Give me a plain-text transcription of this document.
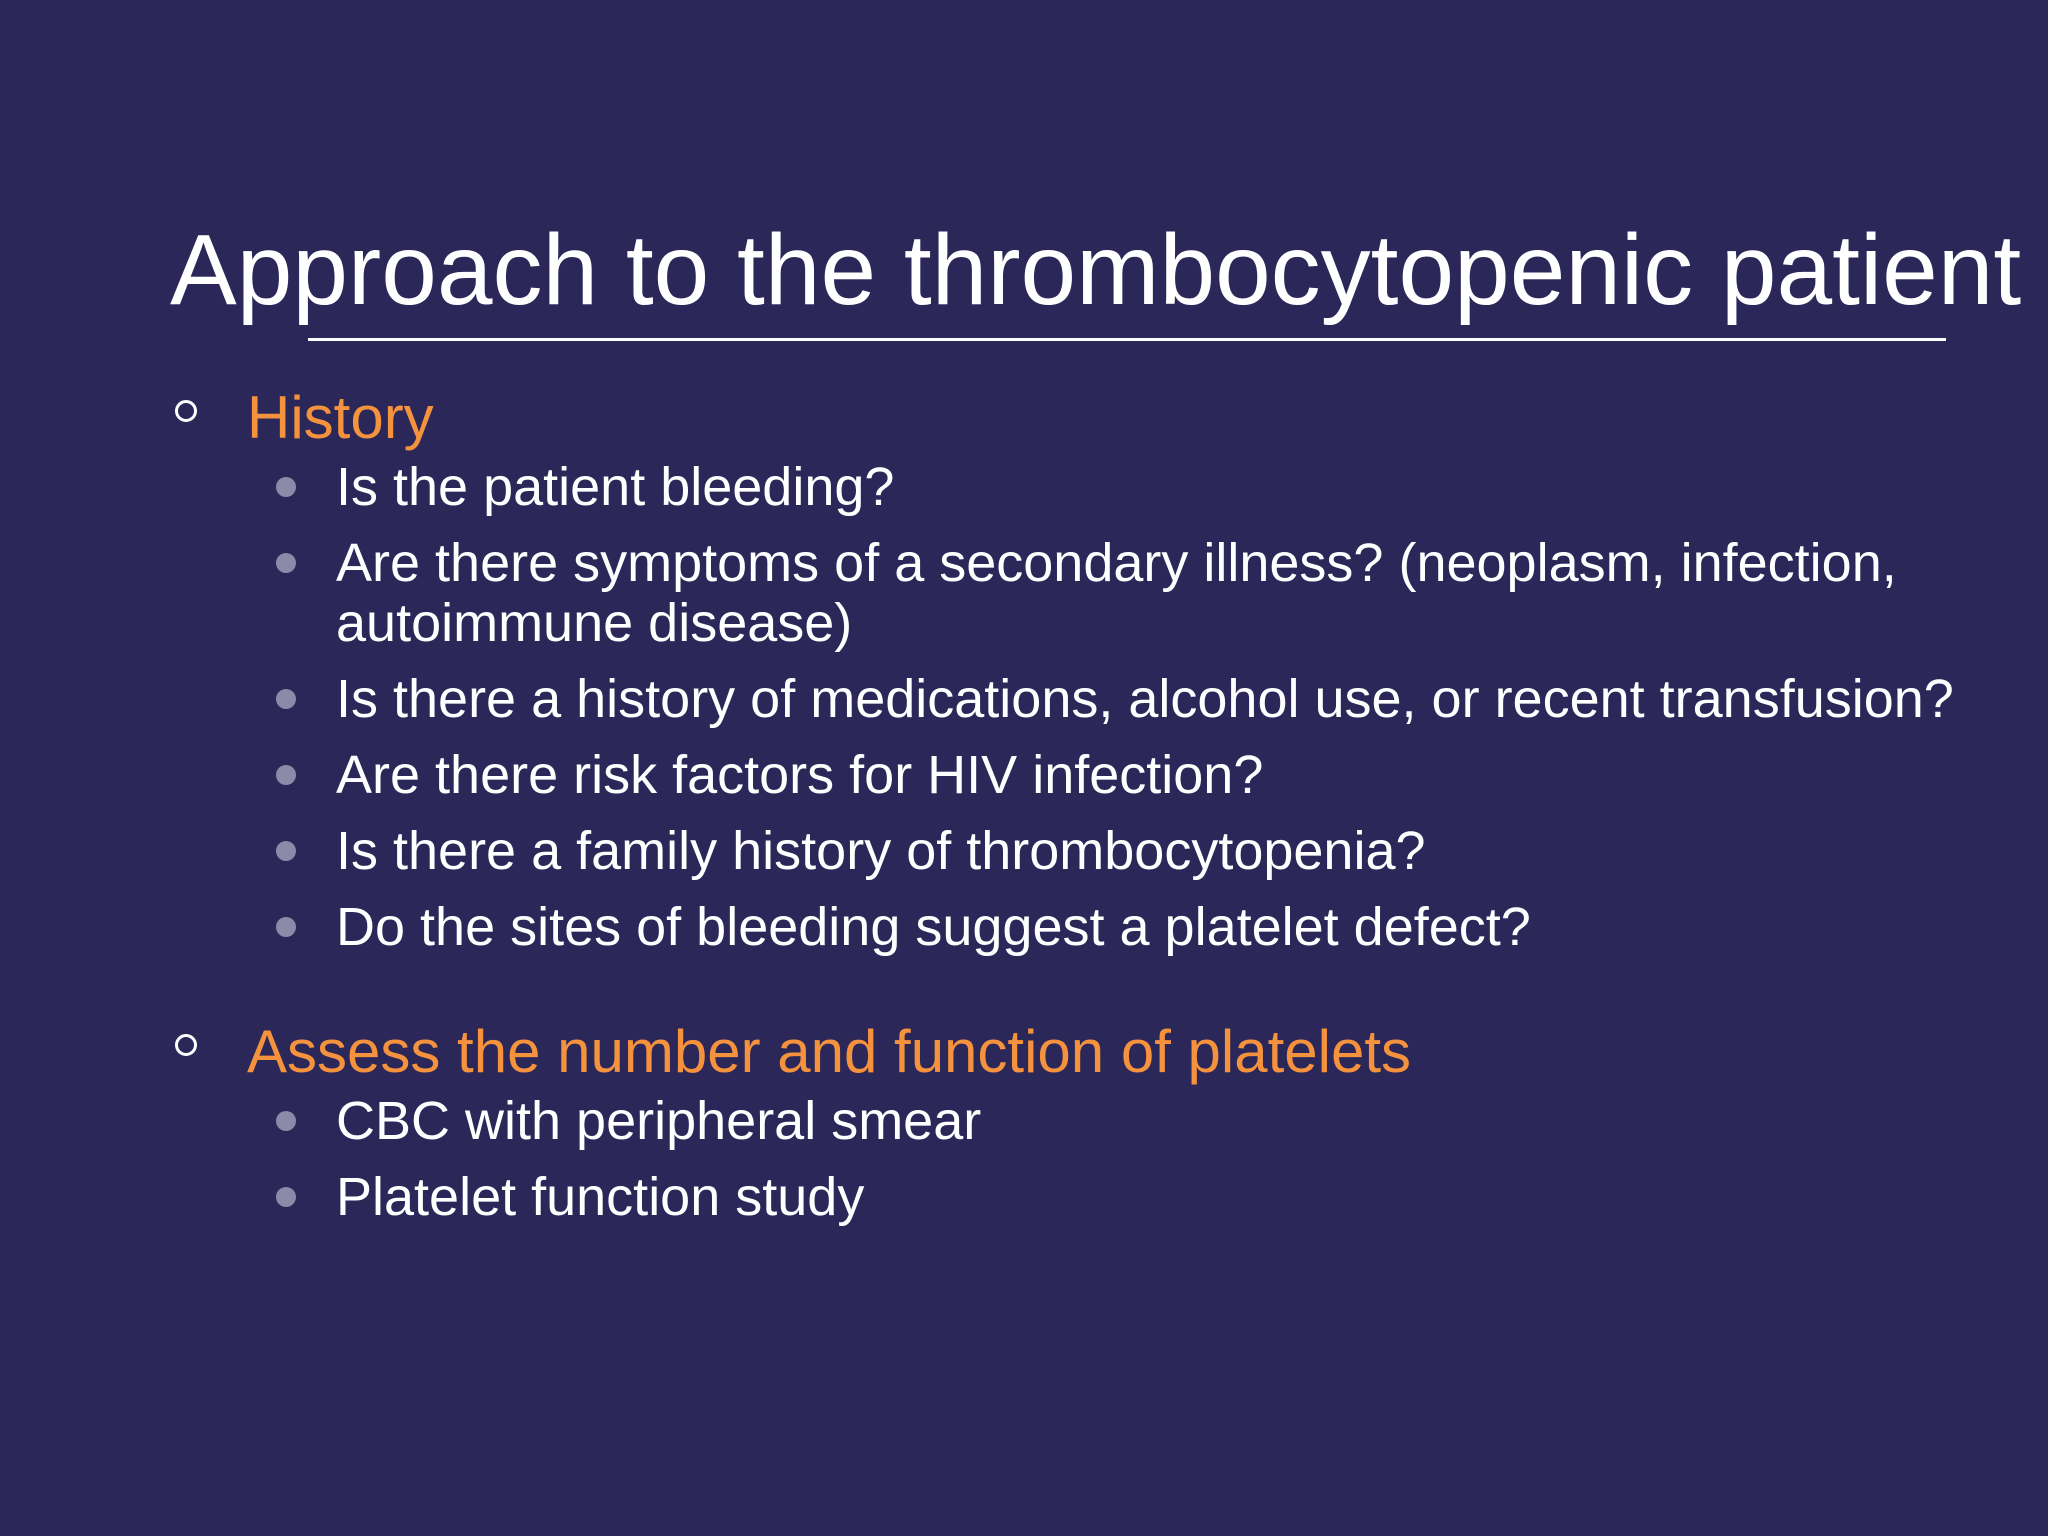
Approach to the thrombocytopenic patient
History
Is the patient bleeding?
Are there symptoms of a secondary illness? (neoplasm, infection, autoimmune disease)
Is there a history of medications, alcohol use, or recent transfusion?
Are there risk factors for HIV infection?
Is there a family history of thrombocytopenia?
Do the sites of bleeding suggest a platelet defect?
Assess the number and function of platelets
CBC with peripheral smear
Platelet function study
